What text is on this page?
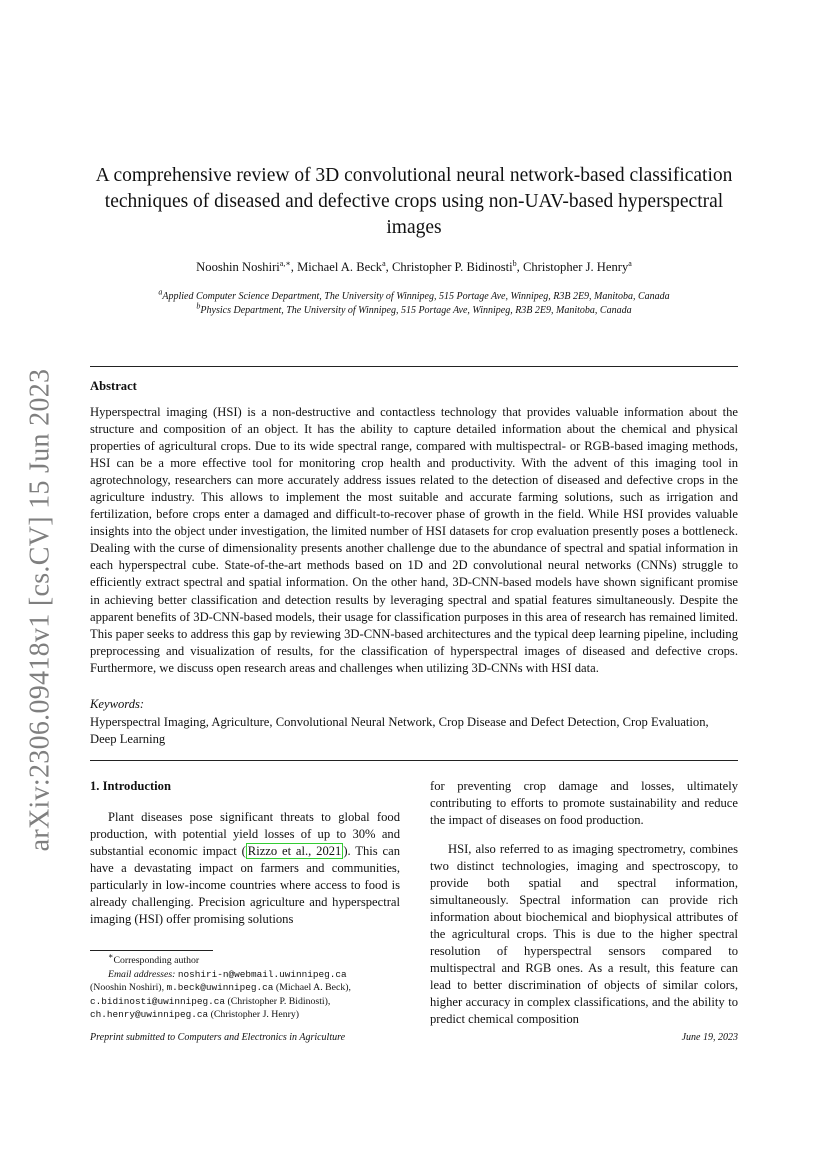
arXiv:2306.09418v1 [cs.CV] 15 Jun 2023
A comprehensive review of 3D convolutional neural network-based classification techniques of diseased and defective crops using non-UAV-based hyperspectral images
Nooshin Noshiri$^{a,∗}$, Michael A. Beck$^a$, Christopher P. Bidinosti$^b$, Christopher J. Henry$^a$
$^a$Applied Computer Science Department, The University of Winnipeg, 515 Portage Ave, Winnipeg, R3B 2E9, Manitoba, Canada
$^b$Physics Department, The University of Winnipeg, 515 Portage Ave, Winnipeg, R3B 2E9, Manitoba, Canada
Abstract
Hyperspectral imaging (HSI) is a non-destructive and contactless technology that provides valuable information about the structure and composition of an object. It has the ability to capture detailed information about the chemical and physical properties of agricultural crops. Due to its wide spectral range, compared with multispectral- or RGB-based imaging methods, HSI can be a more effective tool for monitoring crop health and productivity. With the advent of this imaging tool in agrotechnology, researchers can more accurately address issues related to the detection of diseased and defective crops in the agriculture industry. This allows to implement the most suitable and accurate farming solutions, such as irrigation and fertilization, before crops enter a damaged and difficult-to-recover phase of growth in the field. While HSI provides valuable insights into the object under investigation, the limited number of HSI datasets for crop evaluation presently poses a bottleneck. Dealing with the curse of dimensionality presents another challenge due to the abundance of spectral and spatial information in each hyperspectral cube. State-of-the-art methods based on 1D and 2D convolutional neural networks (CNNs) struggle to efficiently extract spectral and spatial information. On the other hand, 3D-CNN-based models have shown significant promise in achieving better classification and detection results by leveraging spectral and spatial features simultaneously. Despite the apparent benefits of 3D-CNN-based models, their usage for classification purposes in this area of research has remained limited. This paper seeks to address this gap by reviewing 3D-CNN-based architectures and the typical deep learning pipeline, including preprocessing and visualization of results, for the classification of hyperspectral images of diseased and defective crops. Furthermore, we discuss open research areas and challenges when utilizing 3D-CNNs with HSI data.
Keywords:
Hyperspectral Imaging, Agriculture, Convolutional Neural Network, Crop Disease and Defect Detection, Crop Evaluation, Deep Learning
1. Introduction

Plant diseases pose significant threats to global food production, with potential yield losses of up to 30% and substantial economic impact ( Rizzo et al., 2021 ). This can have a devastating impact on farmers and communities, particularly in low-income countries where access to food is already challenging. Precision agriculture and hyperspectral imaging (HSI) offer promising solutions

for preventing crop damage and losses, ultimately contributing to efforts to promote sustainability and reduce the impact of diseases on food production.

HSI, also referred to as imaging spectrometry, combines two distinct technologies, imaging and spectroscopy, to provide both spatial and spectral information, simultaneously. Spectral information can provide rich information about biochemical and biophysical attributes of the agricultural crops. This is due to the higher spectral resolution of hyperspectral sensors compared to multispectral and RGB ones. As a result, this feature can lead to better discrimination of objects of similar colors, higher accuracy in complex classifications, and the ability to predict chemical composition

∗Corresponding author
Email addresses: noshiri-n@webmail.uwinnipeg.ca
(Nooshin Noshiri), m.beck@uwinnipeg.ca (Michael A. Beck),
c.bidinosti@uwinnipeg.ca (Christopher P. Bidinosti),
ch.henry@uwinnipeg.ca (Christopher J. Henry)
Preprint submitted to Computers and Electronics in Agriculture	June 19, 2023
